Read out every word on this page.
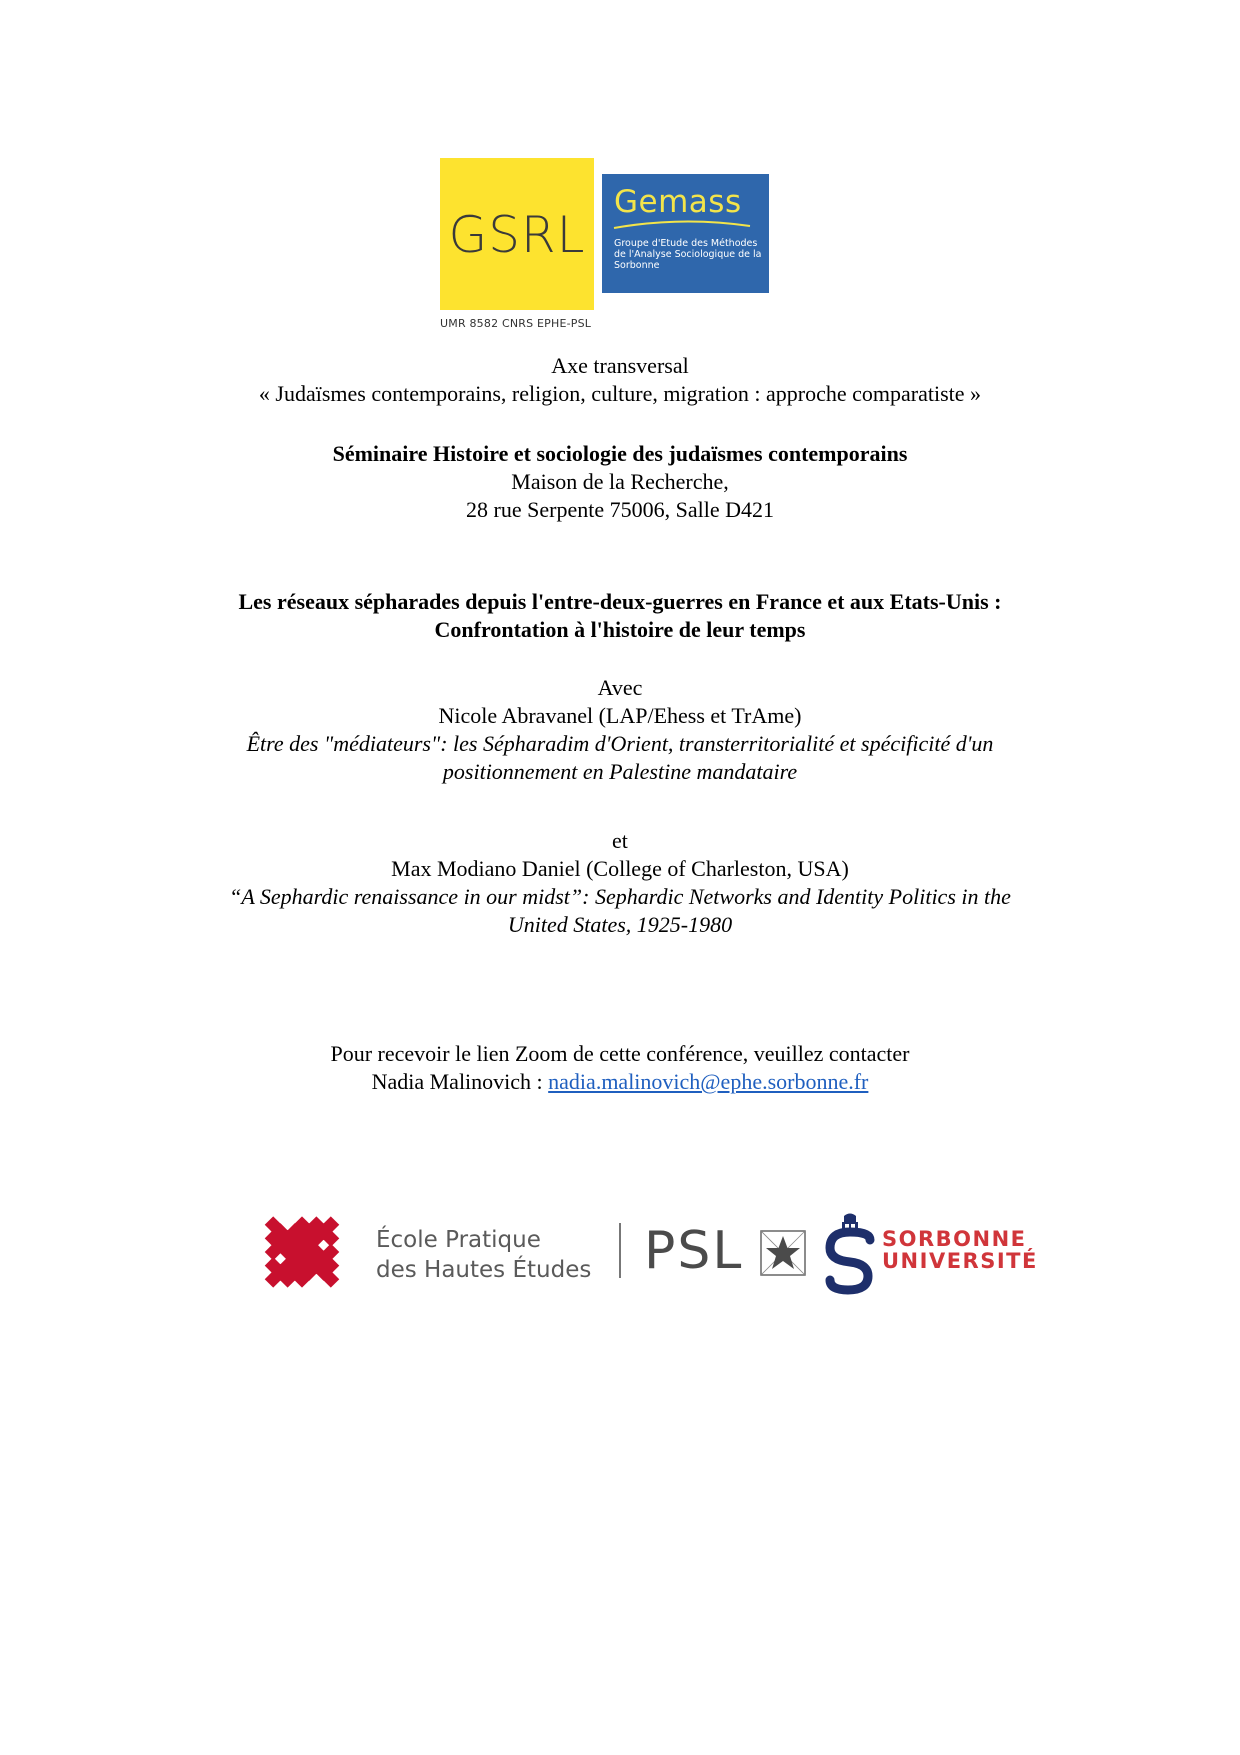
GSRL
UMR 8582 CNRS EPHE-PSL
Gemass
Groupe d'Etude des Méthodes de l'Analyse Sociologique de la Sorbonne

Axe transversal

« Judaïsmes contemporains, religion, culture, migration : approche comparatiste »

Séminaire Histoire et sociologie des judaïsmes contemporains

Maison de la Recherche,

28 rue Serpente 75006, Salle D421

Les réseaux sépharades depuis l'entre-deux-guerres en France et aux Etats-Unis :

Confrontation à l'histoire de leur temps

Avec

Nicole Abravanel (LAP/Ehess et TrAme)

Être des "médiateurs": les Sépharadim d'Orient, transterritorialité et spécificité d'un

positionnement en Palestine mandataire

et

Max Modiano Daniel (College of Charleston, USA)

“A Sephardic renaissance in our midst”: Sephardic Networks and Identity Politics in the

United States, 1925-1980

Pour recevoir le lien Zoom de cette conférence, veuillez contacter

Nadia Malinovich : nadia.malinovich@ephe.sorbonne.fr

École Pratique
des Hautes Études PSL	SORBONNE
UNIVERSITÉ
